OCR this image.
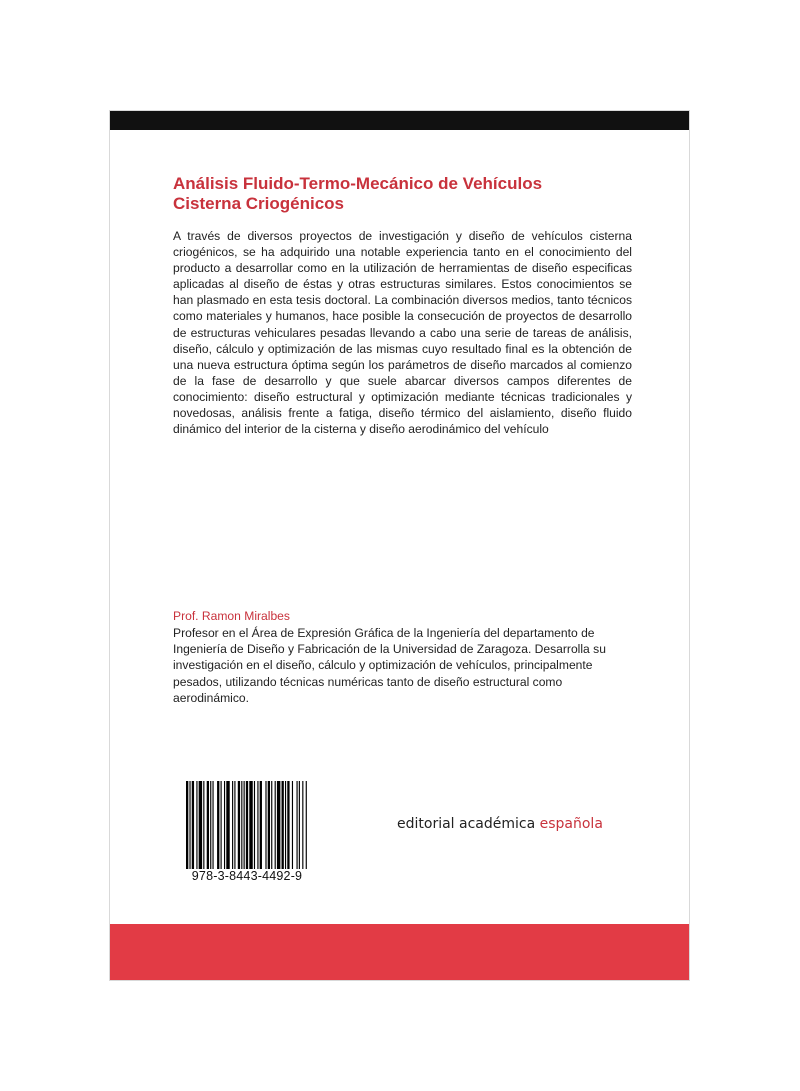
Análisis Fluido-Termo-Mecánico de Vehículos
Cisterna Criogénicos

A través de diversos proyectos de investigación y diseño de vehículos cisterna criogénicos, se ha adquirido una notable experiencia tanto en el conocimiento del producto a desarrollar como en la utilización de herramientas de diseño especificas aplicadas al diseño de éstas y otras estructuras similares. Estos conocimientos se han plasmado en esta tesis doctoral. La combinación diversos medios, tanto técnicos como materiales y humanos, hace posible la consecución de proyectos de desarrollo de estructuras vehiculares pesadas llevando a cabo una serie de tareas de análisis, diseño, cálculo y optimización de las mismas cuyo resultado final es la obtención de una nueva estructura óptima según los parámetros de diseño marcados al comienzo de la fase de desarrollo y que suele abarcar diversos campos diferentes de conocimiento: diseño estructural y optimización mediante técnicas tradicionales y novedosas, análisis frente a fatiga, diseño térmico del aislamiento, diseño fluido dinámico del interior de la cisterna y diseño aerodinámico del vehículo

Prof. Ramon Miralbes

Profesor en el Área de Expresión Gráfica de la Ingeniería del departamento de Ingeniería de Diseño y Fabricación de la Universidad de Zaragoza. Desarrolla su investigación en el diseño, cálculo y optimización de vehículos, principalmente pesados, utilizando técnicas numéricas tanto de diseño estructural como aerodinámico.

978-3-8443-4492-9
editorial académica española
